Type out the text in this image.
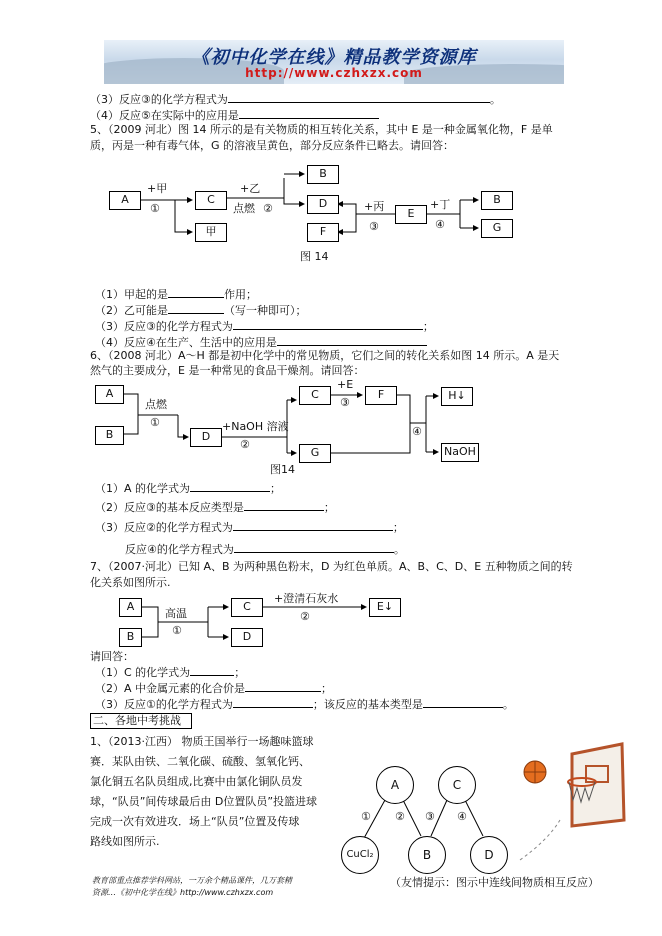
《初中化学在线》精品教学资源库
http://www.czhxzx.com
（3）反应③的化学方程式为	。
（4）反应⑤在实际中的应用是
5、（2009 河北）图 14 所示的是有关物质的相互转化关系，其中 E 是一种金属氧化物，F 是单
质，丙是一种有毒气体，G 的溶液呈黄色，部分反应条件已略去。请回答：
A	C
甲
B
D
F
E
B
G
+甲
①
+乙
点燃 ②	+丙
③
+丁
④
图 14
（1）甲起的是	作用；
（2）乙可能是	（写一种即可）；
（3）反应③的化学方程式为	；
（4）反应④在生产、生活中的应用是
6、（2008 河北）A～H 都是初中化学中的常见物质，它们之间的转化关系如图 14 所示。A 是天
然气的主要成分，E 是一种常见的食品干燥剂。请回答：
A
B	D
C	F
G
H↓
NaOH
点燃
①	+NaOH 溶液
②
+E
③
④
图14
（1）A 的化学式为	；
（2）反应③的基本反应类型是	；
（3）反应②的化学方程式为	；
反应④的化学方程式为	。
7、（2007·河北）已知 A、B 为两种黑色粉末，D 为红色单质。A、B、C、D、E 五种物质之间的转
化关系如图所示.
A
B
C
D
E↓
高温
①
+澄清石灰水
②
请回答：
（1）C 的化学式为	；
（2）A 中金属元素的化合价是	；
（3）反应①的化学方程式为	；该反应的基本类型是	。
二、各地中考挑战
1、（2013·江西） 物质王国举行一场趣味篮球
赛．某队由铁、二氧化碳、硫酸、氢氧化钙、
氯化铜五名队员组成,比赛中由氯化铜队员发
球，“队员”间传球最后由 D位置队员”投篮进球
完成一次有效进攻．场上“队员”位置及传球
路线如图所示.
A	C
CuCl₂	B	D
① ② ③ ④
（友情提示：图示中连线间物质相互反应）
教育部重点推荐学科网站，一万余个精品课件，几万套精
资源…《初中化学在线》http://www.czhxzx.com
